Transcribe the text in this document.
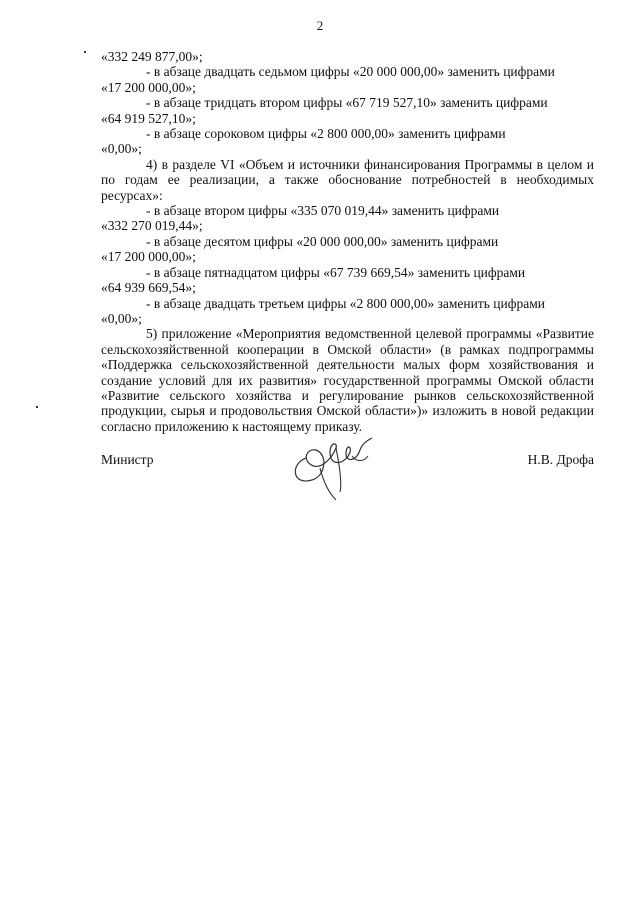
2

«332 249 877,00»;

- в абзаце двадцать седьмом цифры «20 000 000,00» заменить цифрами

«17 200 000,00»;

- в абзаце тридцать втором цифры «67 719 527,10» заменить цифрами

«64 919 527,10»;

- в абзаце сороковом цифры «2 800 000,00» заменить цифрами

«0,00»;

4) в разделе VI «Объем и источники финансирования Программы в целом и по годам ее реализации, а также обоснование потребностей в необходимых ресурсах»:

- в абзаце втором цифры «335 070 019,44» заменить цифрами

«332 270 019,44»;

- в абзаце десятом цифры «20 000 000,00» заменить цифрами

«17 200 000,00»;

- в абзаце пятнадцатом цифры «67 739 669,54» заменить цифрами

«64 939 669,54»;

- в абзаце двадцать третьем цифры «2 800 000,00» заменить цифрами

«0,00»;

5) приложение «Мероприятия ведомственной целевой программы «Развитие сельскохозяйственной кооперации в Омской области» (в рамках подпрограммы «Поддержка сельскохозяйственной деятельности малых форм хозяйствования и создание условий для их развития» государственной программы Омской области «Развитие сельского хозяйства и регулирование рынков сельскохозяйственной продукции, сырья и продовольствия Омской области»)» изложить в новой редакции согласно приложению к настоящему приказу.

Министр	Н.В. Дрофа
